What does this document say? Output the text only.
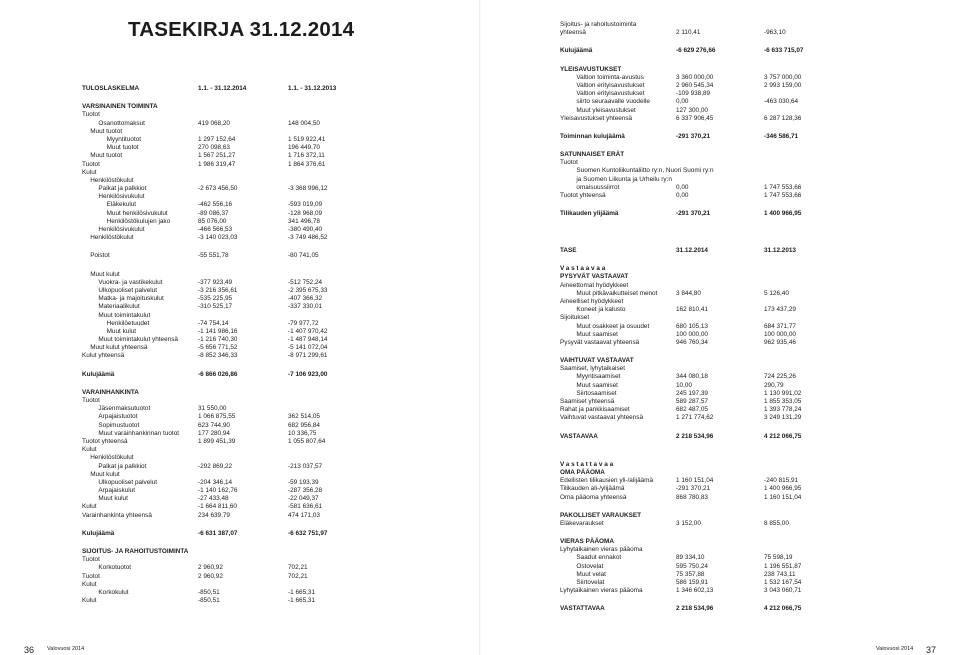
TASEKIRJA 31.12.2014
TULOSLASKELMA	1.1. - 31.12.2014	1.1. - 31.12.2013
VARSINAINEN TOIMINTA
Tuotot
Osanottomaksut	419 068,20	148 004,50
Muut tuotot
Myyntituotot	1 297 152,64	1 519 922,41
Muut tuotot	270 098,63	196 449,70
Muut tuotot	1 567 251,27	1 716 372,11
Tuotot	1 986 319,47	1 864 376,61
Kulut
Henkilöstökulut
Palkat ja palkkiot	-2 673 456,50	-3 368 996,12
Henkilösivukulut
Eläkekulut	-462 556,16	-593 019,09
Muut henkilösivukulut	-89 086,37	-128 968,09
Henkilöstökulujen jako	85 076,00	341 496,78
Henkilösivukulut	-466 566,53	-380 490,40
Henkilöstökulut	-3 140 023,03	-3 749 486,52
Poistot	-55 551,78	-80 741,05
Muut kulut
Vuokra- ja vastikekulut	-377 923,49	-512 752,24
Ulkopuoliset palvelut	-3 216 356,61	-2 395 675,33
Matka- ja majoituskulut	-535 225,95	-407 366,32
Materiaalikulut	-310 525,17	-337 330,01
Muut toimintakulut
Henkilöetuudet	-74 754,14	-79 977,72
Muut kulut	-1 141 986,16	-1 407 970,42
Muut toimintakulut yhteensä	-1 216 740,30	-1 487 948,14
Muut kulut yhteensä	-5 656 771,52	-5 141 072,04
Kulut yhteensä	-8 852 346,33	-8 971 299,61
Kulujäämä	-6 866 026,86	-7 106 923,00
VARAINHANKINTA
Tuotot
Jäsenmaksutuotot	31 550,00
Arpajaistuotot	1 066 875,55	362 514,05
Sopimustuotot	623 744,90	682 956,84
Muut varainhankinnan tuotot	177 280,94	10 336,75
Tuotot yhteensä	1 899 451,39	1 055 807,64
Kulut
Henkilöstökulut
Palkat ja palkkiot	-292 869,22	-213 037,57
Muut kulut
Ulkopuoliset palvelut	-204 346,14	-59 193,39
Arpajaiskulut	-1 140 162,76	-287 356,28
Muut kulut	-27 433,48	-22 049,37
Kulut	-1 664 811,60	-581 636,61
Varainhankinta yhteensä	234 639,79	474 171,03
Kulujäämä	-6 631 387,07	-6 632 751,97
SIJOITUS- JA RAHOITUSTOIMINTA
Tuotot
Korkotuotot	2 960,92	702,21
Tuotot	2 960,92	702,21
Kulut
Korkokulut	-850,51	-1 665,31
Kulut	-850,51	-1 665,31
Sijoitus- ja rahoitustoiminta
yhteensä	2 110,41	-963,10
Kulujäämä	-6 629 276,66	-6 633 715,07
YLEISAVUSTUKSET
Valtion toiminta-avustus	3 360 000,00	3 757 000,00
Valtion erityisavustukset	2 960 545,34	2 993 159,00
Valtion erityisavustukset	-109 938,89
siirto seuraavalle vuodelle	0,00	-463 030,64
Muut yleisavustukset	127 300,00
Yleisavustukset yhteensä	6 337 906,45	6 287 128,36
Toiminnan kulujäämä	-291 370,21	-346 586,71
SATUNNAISET ERÄT
Tuotot
Suomen Kuntoliikuntaliitto ry:n, Nuori Suomi ry:n
ja Suomen Liikunta ja Urheilu ry:n
omaisuussiirrot	0,00	1 747 553,66
Tuotot yhteensä	0,00	1 747 553,66
Tilikauden ylijäämä	-291 370,21	1 400 966,95
TASE	31.12.2014	31.12.2013
Vastaavaa
PYSYVÄT VASTAAVAT
Aineettomat hyödykkeet
Muut pitkävaikutteiset menot	3 844,80	5 126,40
Aineelliset hyödykkeet
Koneet ja kalusto	162 810,41	173 437,29
Sijoitukset
Muut osakkeet ja osuudet	680 105,13	684 371,77
Muut saamiset	100 000,00	100 000,00
Pysyvät vastaavat yhteensä	946 760,34	962 935,46
VAIHTUVAT VASTAAVAT
Saamiset, lyhytaikaiset
Myyntisaamiset	344 080,18	724 225,26
Muut saamiset	10,00	290,79
Siirtosaamiset	245 197,39	1 130 991,02
Saamiset yhteensä	589 287,57	1 855 353,05
Rahat ja pankkisaamiset	682 487,05	1 393 778,24
Vaihtuvat vastaavat yhteensä	1 271 774,62	3 249 131,29
VASTAAVAA	2 218 534,96	4 212 066,75
Vastattavaa
OMA PÄÄOMA
Edellisten tilikausien yli-/alijäämä	1 160 151,04	-240 815,91
Tilikauden ali-/ylijäämä	-291 370,21	1 400 966,95
Oma pääoma yhteensä	868 780,83	1 160 151,04
PAKOLLISET VARAUKSET
Eläkevaraukset	3 152,00	8 855,00
VIERAS PÄÄOMA
Lyhytaikainen vieras pääoma
Saadut ennakot	89 334,10	75 598,19
Ostovelat	595 750,24	1 196 551,87
Muut velat	75 357,88	238 743,11
Siirtovelat	586 159,91	1 532 167,54
Lyhytaikainen vieras pääoma	1 346 602,13	3 043 060,71
VASTATTAVAA	2 218 534,96	4 212 066,75
36 Valovuosi 2014	Valovuosi 2014 37
